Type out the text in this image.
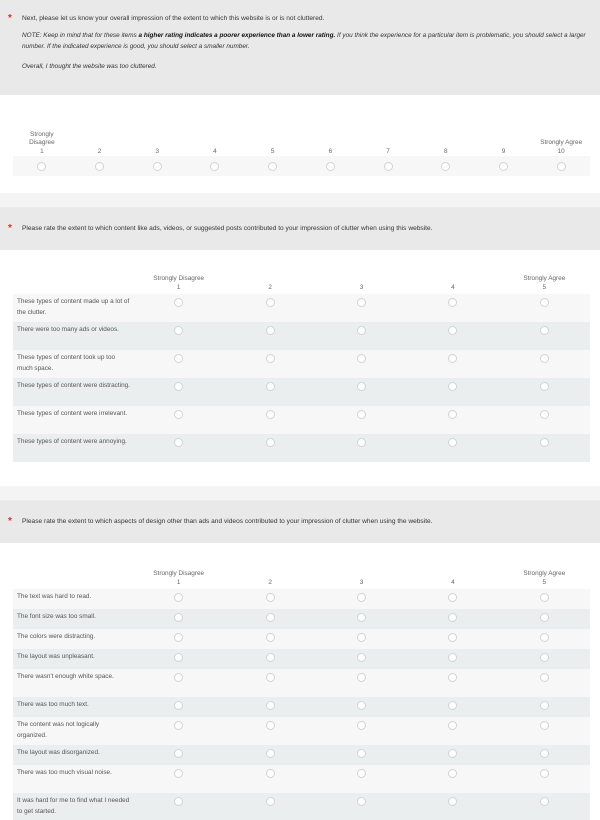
* Next, please let us know your overall impression of the extent to which this website is or is not cluttered.
NOTE: Keep in mind that for these items a higher rating indicates a poorer experience than a lower rating. If you think the experience for a particular item is problematic, you should select a larger number. If the indicated experience is good, you should select a smaller number.
Overall, I thought the website was too cluttered.
Strongly
Disagree
1	2	3	4	5	6	7	8	9
Strongly Agree
10
* Please rate the extent to which content like ads, videos, or suggested posts contributed to your impression of clutter when using this website.
Strongly Disagree
1	2	3	4
Strongly Agree
5
These types of content made up a lot of the clutter.
There were too many ads or videos.
These types of content took up too much space.
These types of content were distracting.
These types of content were irrelevant.
These types of content were annoying.
* Please rate the extent to which aspects of design other than ads and videos contributed to your impression of clutter when using the website.
Strongly Disagree
1	2	3	4
Strongly Agree
5
The text was hard to read.
The font size was too small.
The colors were distracting.
The layout was unpleasant.
There wasn't enough white space.
There was too much text.
The content was not logically organized.
The layout was disorganized.
There was too much visual noise.
It was hard for me to find what I needed to get started.
